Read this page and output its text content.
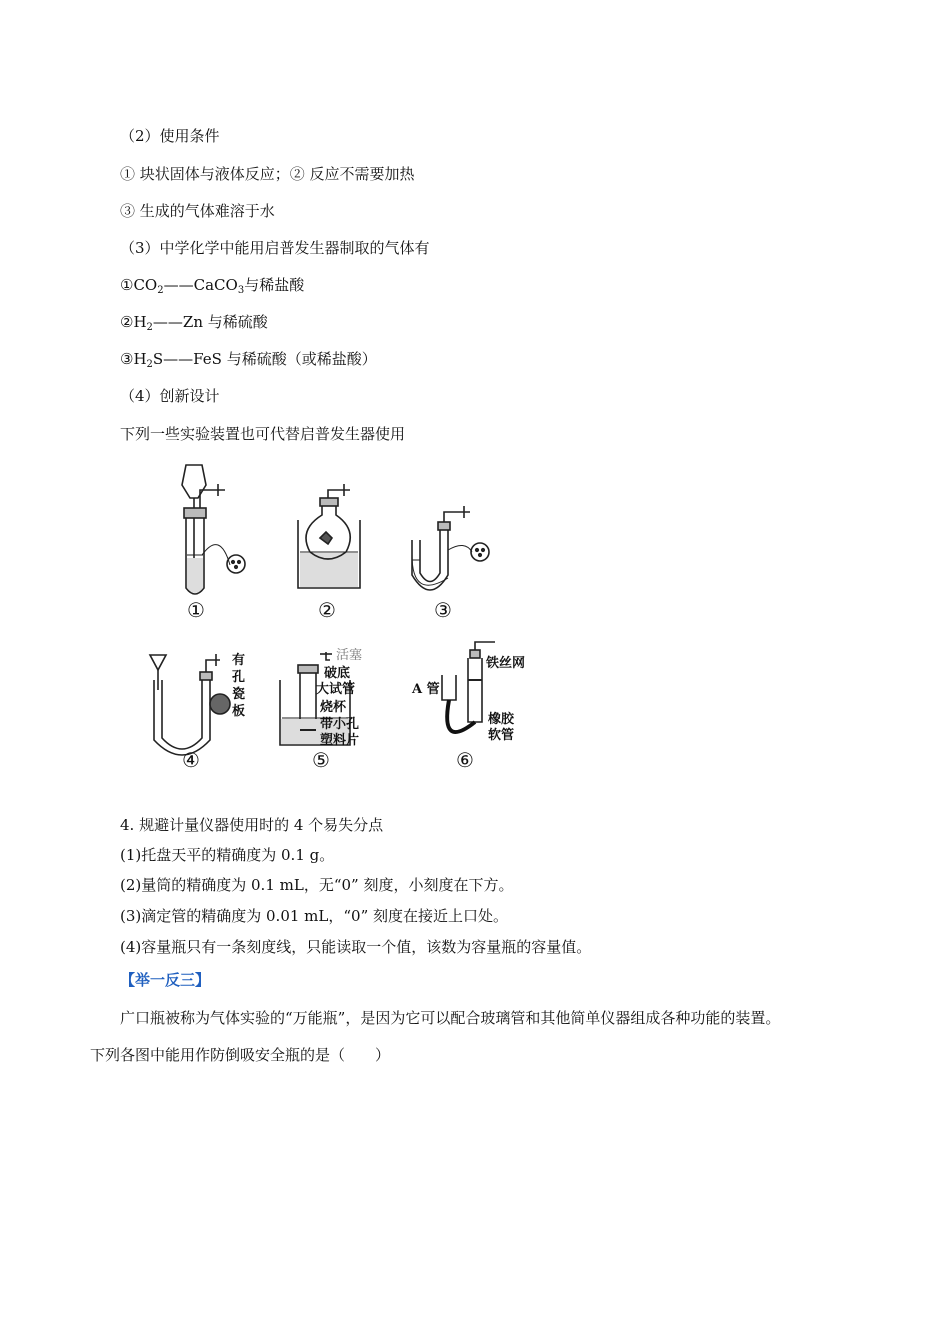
（2）使用条件
① 块状固体与液体反应；② 反应不需要加热
③ 生成的气体难溶于水
（3）中学化学中能用启普发生器制取的气体有
$①CO_2——CaCO_3$与稀盐酸
$②H_2——Zn$ 与稀硫酸
$③H_2S——FeS$ 与稀硫酸（或稀盐酸）
（4）创新设计
下列一些实验装置也可代替启普发生器使用
①	②	③
④	⑤	⑥
有
孔
瓷
板
活塞
破底
大试管
烧杯
带小孔
塑料片
铁丝网
A 管
橡胶
软管
4. 规避计量仪器使用时的 4 个易失分点
(1)托盘天平的精确度为 0.1 g。
(2)量筒的精确度为 0.1 mL，无“0” 刻度，小刻度在下方。
(3)滴定管的精确度为 0.01 mL，“0” 刻度在接近上口处。
(4)容量瓶只有一条刻度线，只能读取一个值，该数为容量瓶的容量值。
【举一反三】
广口瓶被称为气体实验的“万能瓶”，是因为它可以配合玻璃管和其他简单仪器组成各种功能的装置。
下列各图中能用作防倒吸安全瓶的是（　　）
